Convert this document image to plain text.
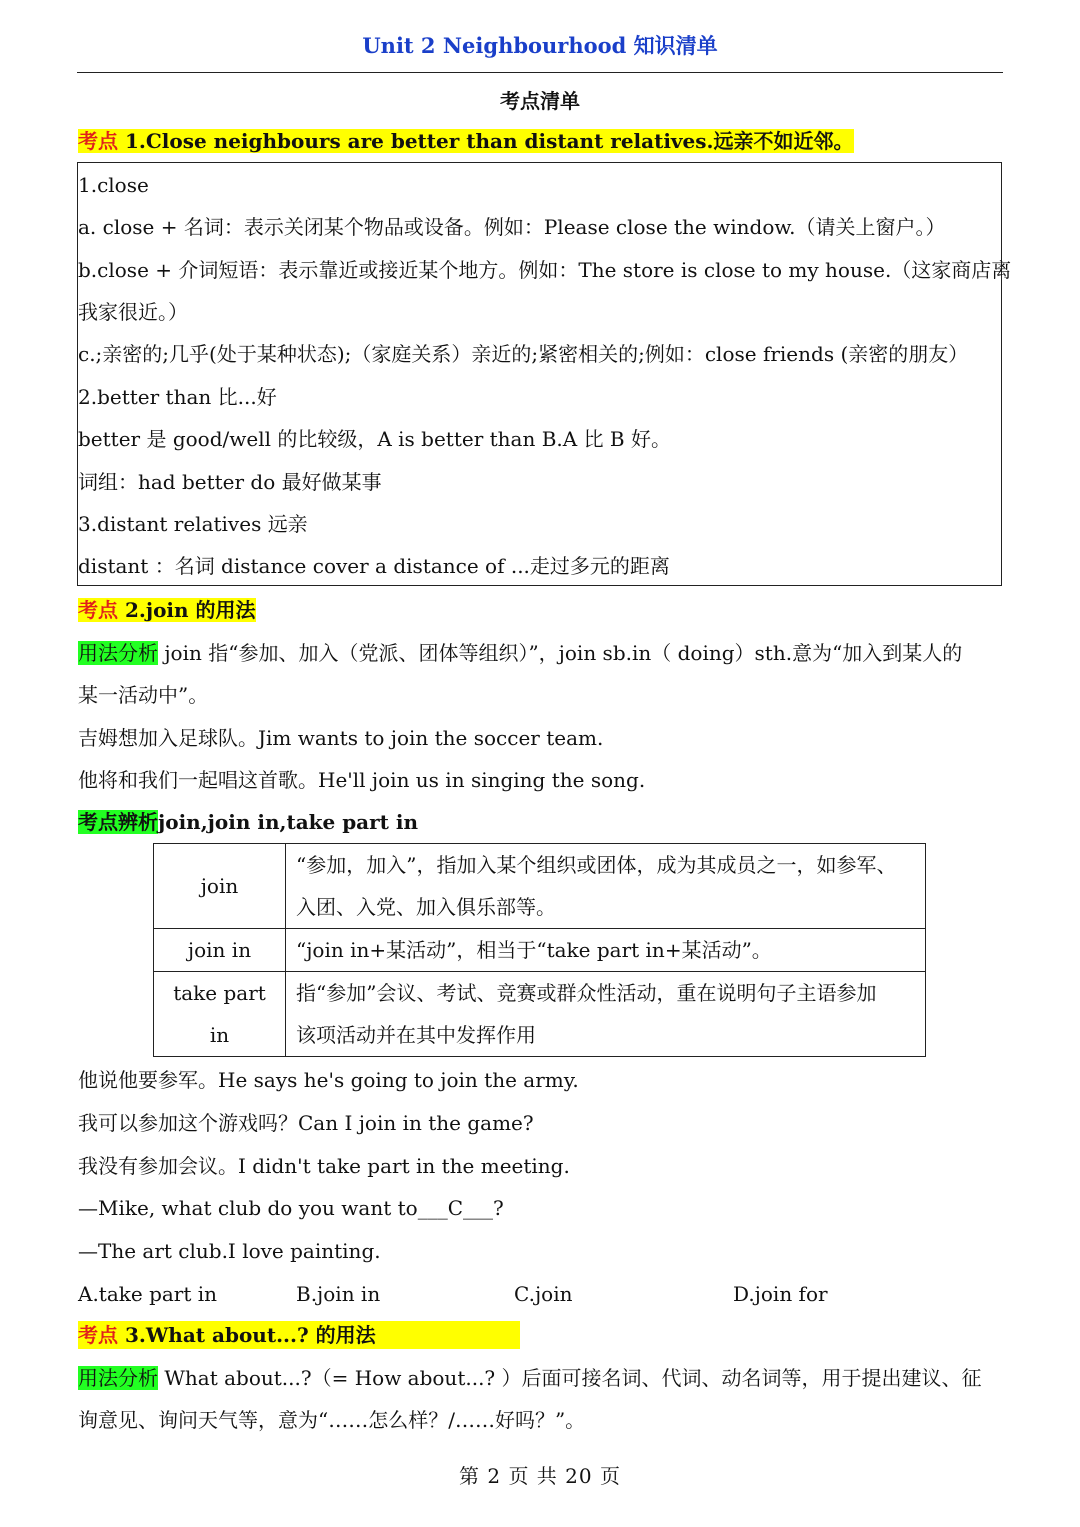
Unit 2 Neighbourhood 知识清单
考点清单
考点 1.Close neighbours are better than distant relatives.远亲不如近邻。
1.close
a. close + 名词：表示关闭某个物品或设备。例如：Please close the window.（请关上窗户。）
b.close + 介词短语：表示靠近或接近某个地方。例如：The store is close to my house.（这家商店离
我家很近。）
c.;亲密的;几乎(处于某种状态);（家庭关系）亲近的;紧密相关的;例如：close friends (亲密的朋友）
2.better than 比...好
better 是 good/well 的比较级，A is better than B.A 比 B 好。
词组：had better do 最好做某事
3.distant relatives 远亲
distant ：名词 distance cover a distance of ...走过多元的距离
考点 2.join 的用法
用法分析 join 指“参加、加入（党派、团体等组织）”，join sb.in（ doing）sth.意为“加入到某人的
某一活动中”。
吉姆想加入足球队。Jim wants to join the soccer team.
他将和我们一起唱这首歌。He'll join us in singing the song.
考点辨析join,join in,take part in
join	“参加，加入”，指加入某个组织或团体，成为其成员之一，如参军、
入团、入党、加入俱乐部等。
join in	“join in+某活动”，相当于“take part in+某活动”。
take part in	指“参加”会议、考试、竞赛或群众性活动，重在说明句子主语参加
该项活动并在其中发挥作用
他说他要参军。He says he's going to join the army.
我可以参加这个游戏吗？Can I join in the game?
我没有参加会议。I didn't take part in the meeting.
—Mike, what club do you want to___C___?
—The art club.I love painting.
A.take part in	B.join in	C.join	D.join for
考点 3.What about...? 的用法
用法分析 What about...?（= How about...? ）后面可接名词、代词、动名词等，用于提出建议、征
询意见、询问天气等，意为“……怎么样？/……好吗？”。
第 2 页 共 20 页
